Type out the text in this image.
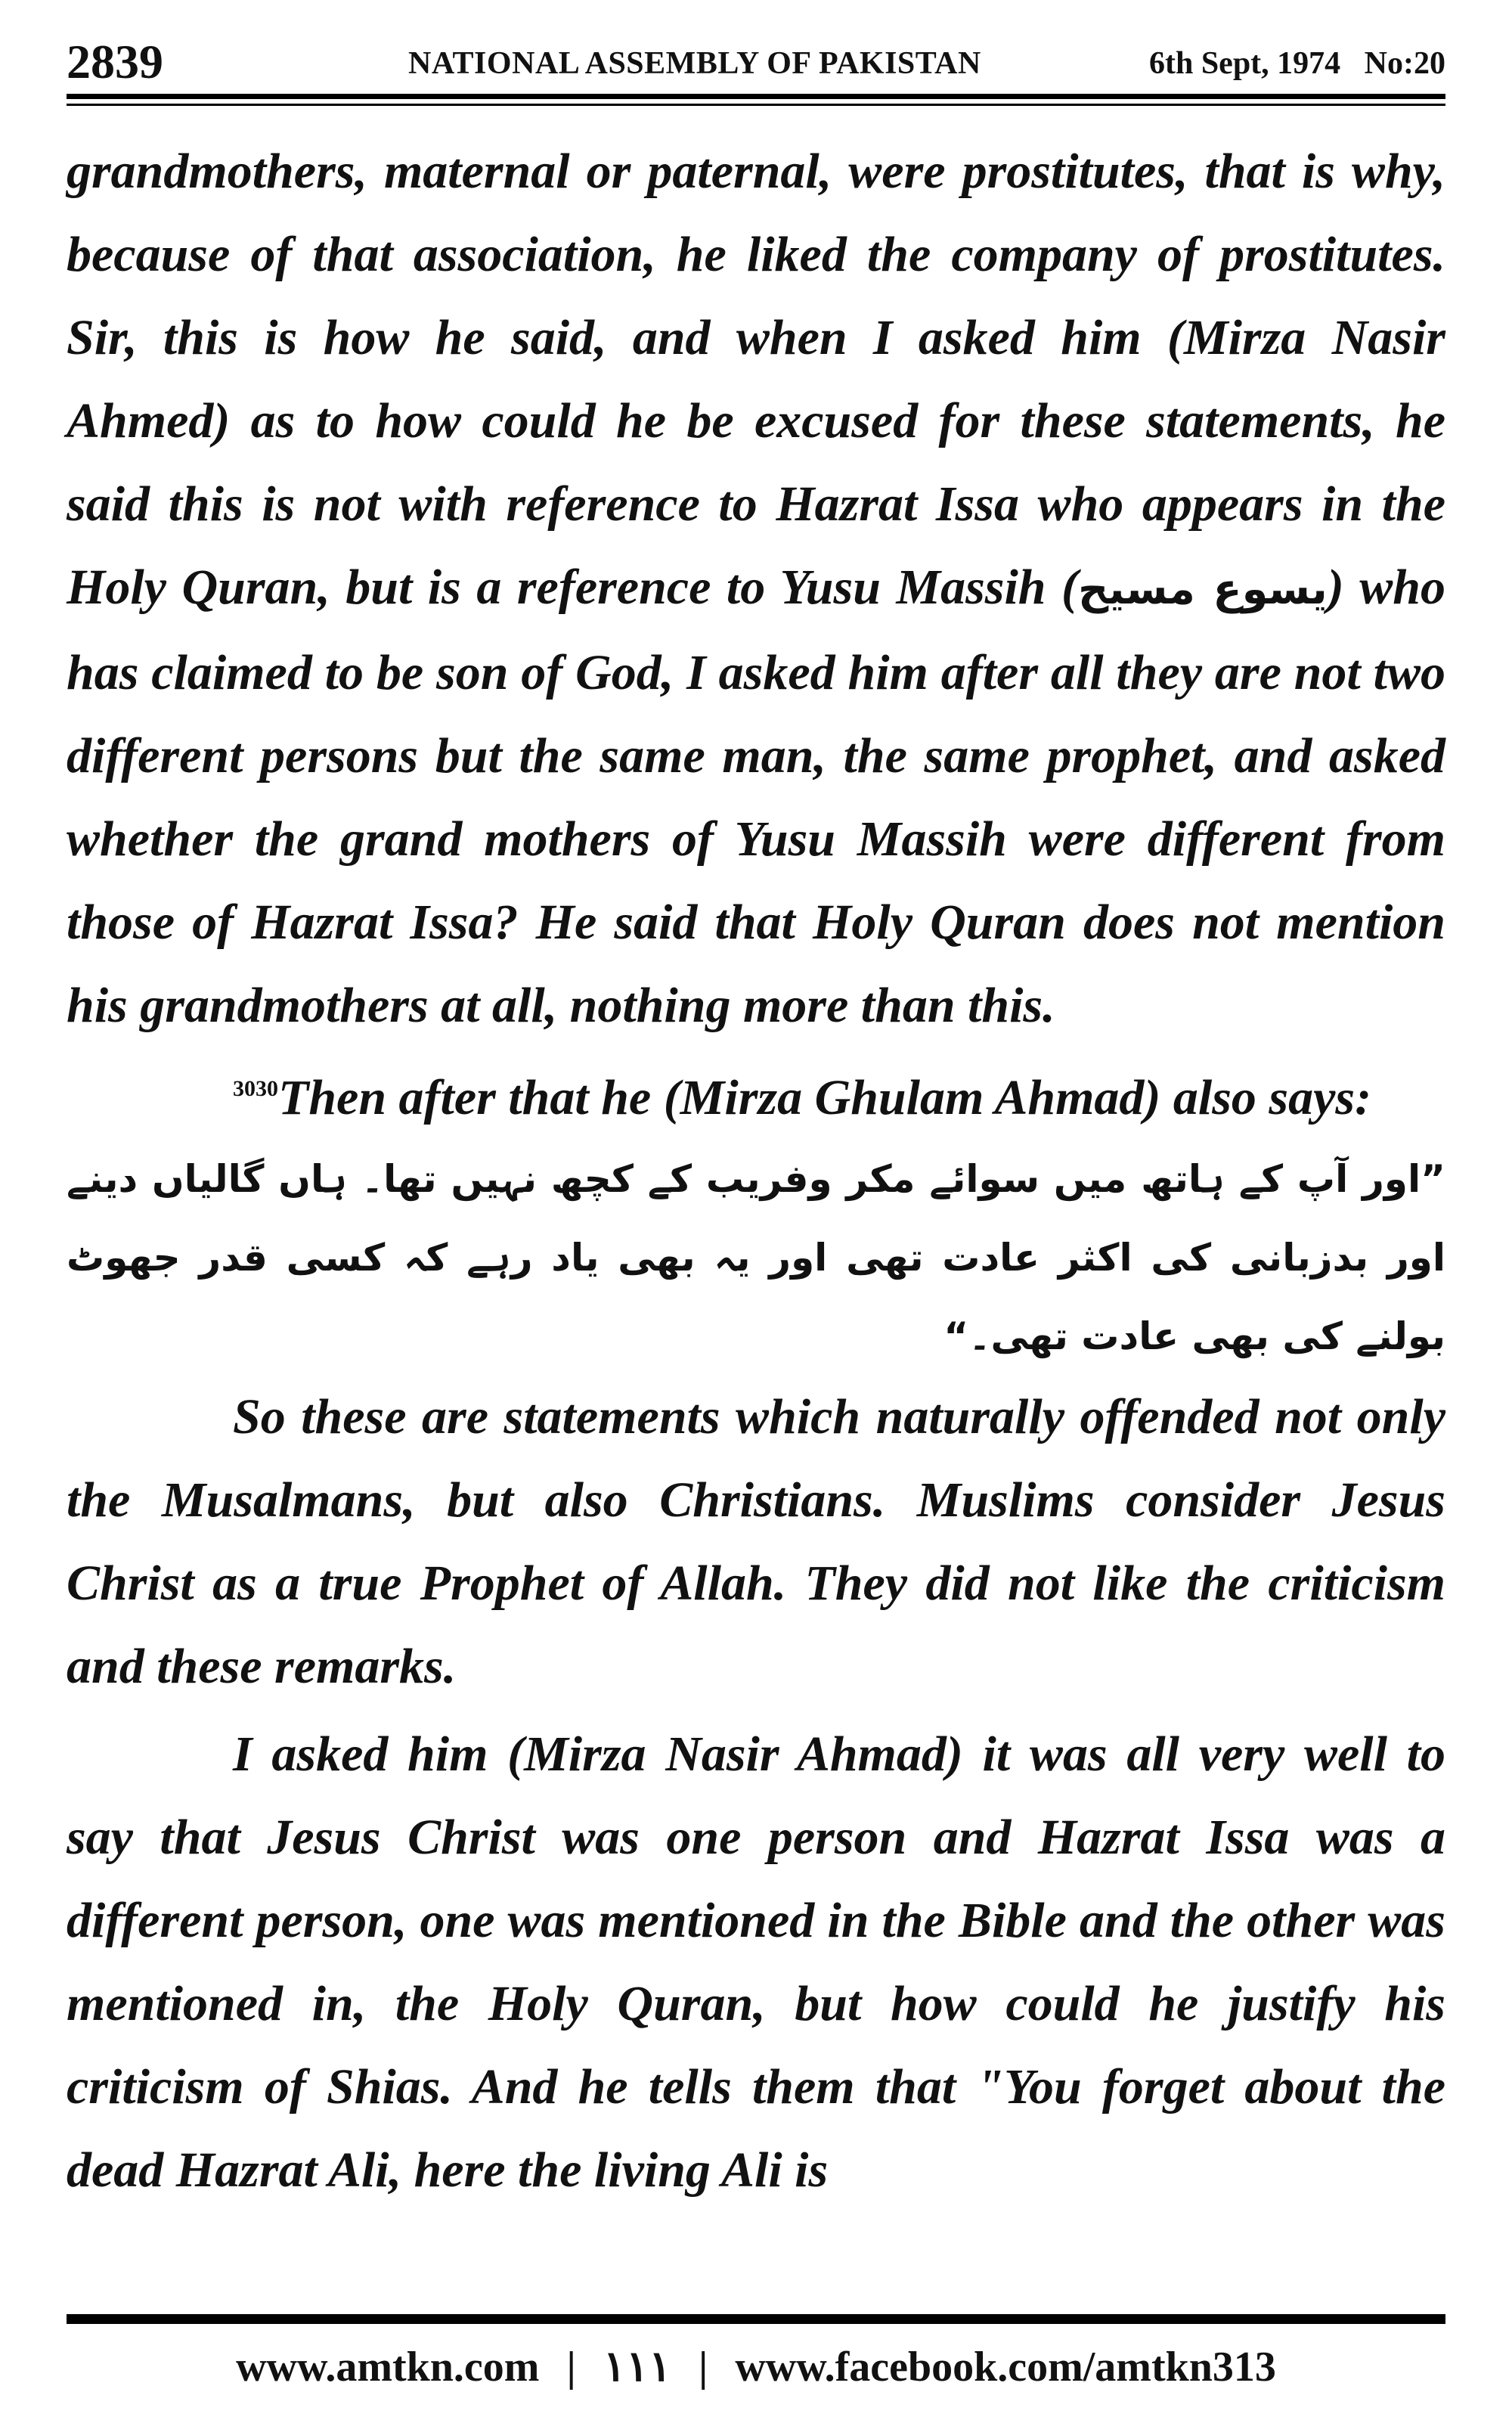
2839	NATIONAL ASSEMBLY OF PAKISTAN	6th Sept, 1974 No:20

grandmothers, maternal or paternal, were prostitutes, that is why, because of that association, he liked the company of prostitutes. Sir, this is how he said, and when I asked him (Mirza Nasir Ahmed) as to how could he be excused for these statements, he said this is not with reference to Hazrat Issa who appears in the Holy Quran, but is a reference to Yusu Massih (یسوع مسیح) who has claimed to be son of God, I asked him after all they are not two different persons but the same man, the same prophet, and asked whether the grand mothers of Yusu Massih were different from those of Hazrat Issa? He said that Holy Quran does not mention his grandmothers at all, nothing more than this.

$^{3030}$Then after that he (Mirza Ghulam Ahmad) also says:

”اور آپ کے ہاتھ میں سوائے مکر وفریب کے کچھ نہیں تھا۔ ہاں گالیاں دینے اور بدزبانی کی اکثر عادت تھی اور یہ بھی یاد رہے کہ کسی قدر جھوٹ بولنے کی بھی عادت تھی۔“

So these are statements which naturally offended not only the Musalmans, but also Christians. Muslims consider Jesus Christ as a true Prophet of Allah. They did not like the criticism and these remarks.

I asked him (Mirza Nasir Ahmad) it was all very well to say that Jesus Christ was one person and Hazrat Issa was a different person, one was mentioned in the Bible and the other was mentioned in, the Holy Quran, but how could he justify his criticism of Shias. And he tells them that "You forget about the dead Hazrat Ali, here the living Ali is

www.amtkn.com | ۱۱۱ | www.facebook.com/amtkn313
